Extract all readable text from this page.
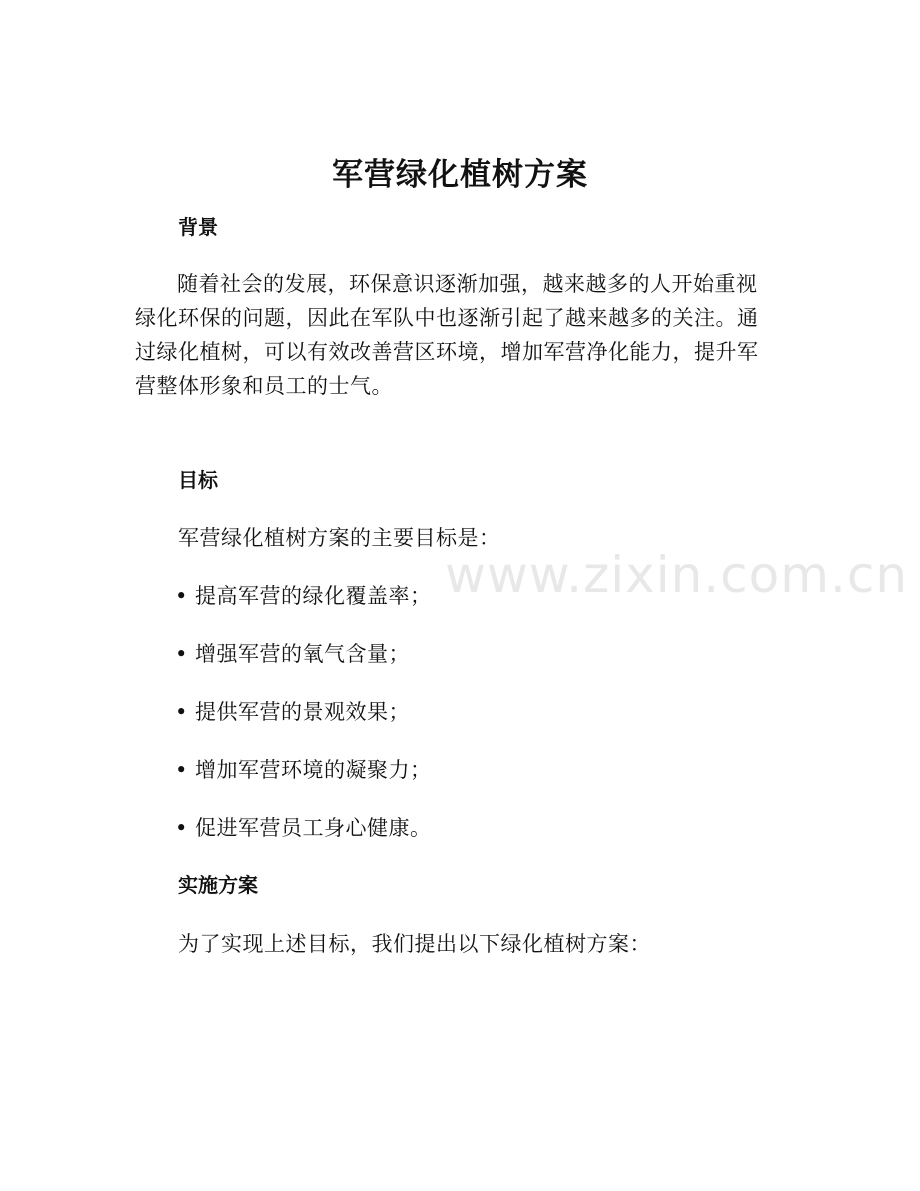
军营绿化植树方案
背景

随着社会的发展，环保意识逐渐加强，越来越多的人开始重视绿化环保的问题，因此在军队中也逐渐引起了越来越多的关注。通过绿化植树，可以有效改善营区环境，增加军营净化能力，提升军营整体形象和员工的士气。

目标

军营绿化植树方案的主要目标是：

• 提高军营的绿化覆盖率；

• 增强军营的氧气含量；

• 提供军营的景观效果；

• 增加军营环境的凝聚力；

• 促进军营员工身心健康。

实施方案

为了实现上述目标，我们提出以下绿化植树方案：

www.zixin.com.cn
